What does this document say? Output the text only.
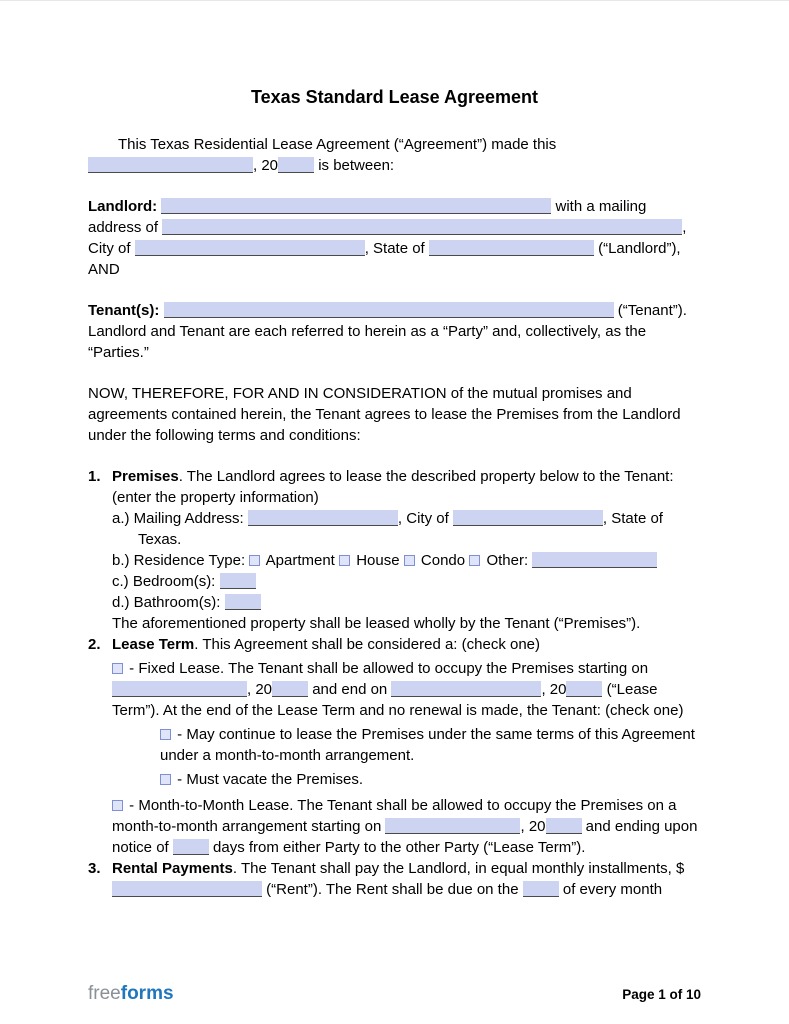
Texas Standard Lease Agreement

This Texas Residential Lease Agreement (“Agreement”) made this , 20 is between:

Landlord:	with a mailing address of	, City of	, State of	(“Landlord”),
AND

Tenant(s):	(“Tenant”). Landlord and Tenant are each referred to herein as a “Party” and, collectively, as the “Parties.”

NOW, THEREFORE, FOR AND IN CONSIDERATION of the mutual promises and agreements contained herein, the Tenant agrees to lease the Premises from the Landlord under the following terms and conditions:

1. Premises. The Landlord agrees to lease the described property below to the Tenant: (enter the property information)

a.) Mailing Address:	, City of	, State of Texas.

b.) Residence Type:  Apartment  House  Condo  Other:

c.) Bedroom(s):

d.) Bathroom(s):

The aforementioned property shall be leased wholly by the Tenant (“Premises”).

2. Lease Term. This Agreement shall be considered a: (check one)

- Fixed Lease. The Tenant shall be allowed to occupy the Premises starting on , 20 and end on	, 20 (“Lease Term”). At the end of the Lease Term and no renewal is made, the Tenant: (check one)

- May continue to lease the Premises under the same terms of this Agreement under a month-to-month arrangement.

- Must vacate the Premises.

- Month-to-Month Lease. The Tenant shall be allowed to occupy the Premises on a month-to-month arrangement starting on	, 20 and ending upon notice of  days from either Party to the other Party (“Lease Term”).

3. Rental Payments. The Tenant shall pay the Landlord, in equal monthly installments, $ (“Rent”). The Rent shall be due on the  of every month

freeforms	Page 1 of 10
